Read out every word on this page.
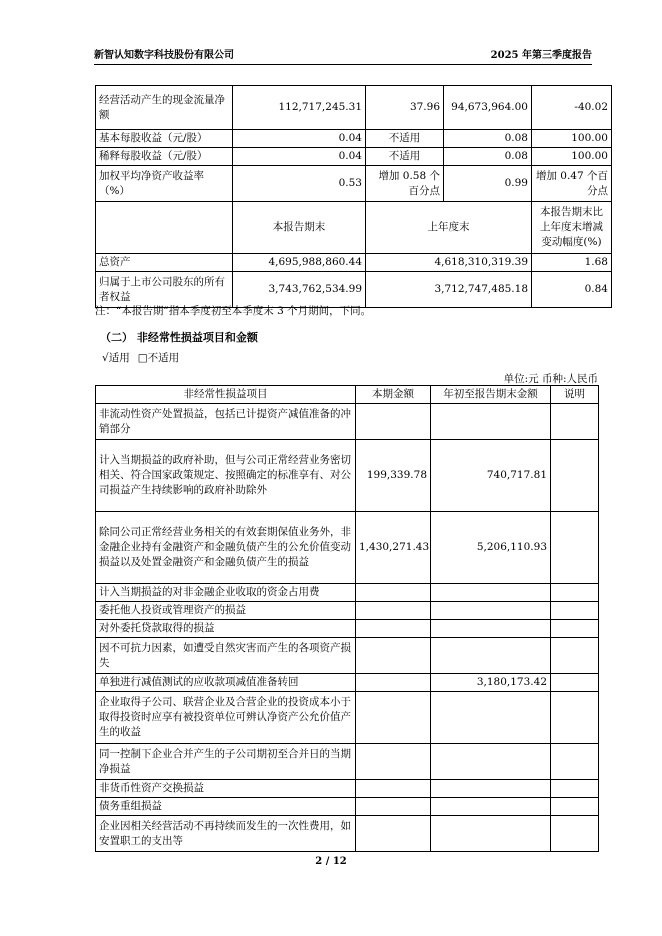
新智认知数字科技股份有限公司	2025 年第三季度报告
经营活动产生的现金流量净额	112,717,245.31	37.96	94,673,964.00	-40.02
基本每股收益（元/股）	0.04	不适用	0.08	100.00
稀释每股收益（元/股）	0.04	不适用	0.08	100.00
加权平均净资产收益率（%）	0.53	增加 0.58 个百分点	0.99	增加 0.47 个百分点
	本报告期末	上年度末		本报告期末比上年度末增减变动幅度(%)
总资产	4,695,988,860.44	4,618,310,319.39		1.68
归属于上市公司股东的所有者权益	3,743,762,534.99	3,712,747,485.18		0.84
注：“本报告期”指本季度初至本季度末 3 个月期间，下同。
（二） 非经常性损益项目和金额
√适用 □不适用
单位:元 币种:人民币
非经常性损益项目	本期金额	年初至报告期末金额	说明
非流动性资产处置损益，包括已计提资产减值准备的冲销部分			
计入当期损益的政府补助，但与公司正常经营业务密切相关、符合国家政策规定、按照确定的标准享有、对公司损益产生持续影响的政府补助除外	199,339.78	740,717.81	
除同公司正常经营业务相关的有效套期保值业务外，非金融企业持有金融资产和金融负债产生的公允价值变动损益以及处置金融资产和金融负债产生的损益	1,430,271.43	5,206,110.93	
计入当期损益的对非金融企业收取的资金占用费			
委托他人投资或管理资产的损益			
对外委托贷款取得的损益			
因不可抗力因素，如遭受自然灾害而产生的各项资产损失			
单独进行减值测试的应收款项减值准备转回		3,180,173.42	
企业取得子公司、联营企业及合营企业的投资成本小于取得投资时应享有被投资单位可辨认净资产公允价值产生的收益			
同一控制下企业合并产生的子公司期初至合并日的当期净损益			
非货币性资产交换损益			
债务重组损益			
企业因相关经营活动不再持续而发生的一次性费用，如安置职工的支出等			
2 / 12
